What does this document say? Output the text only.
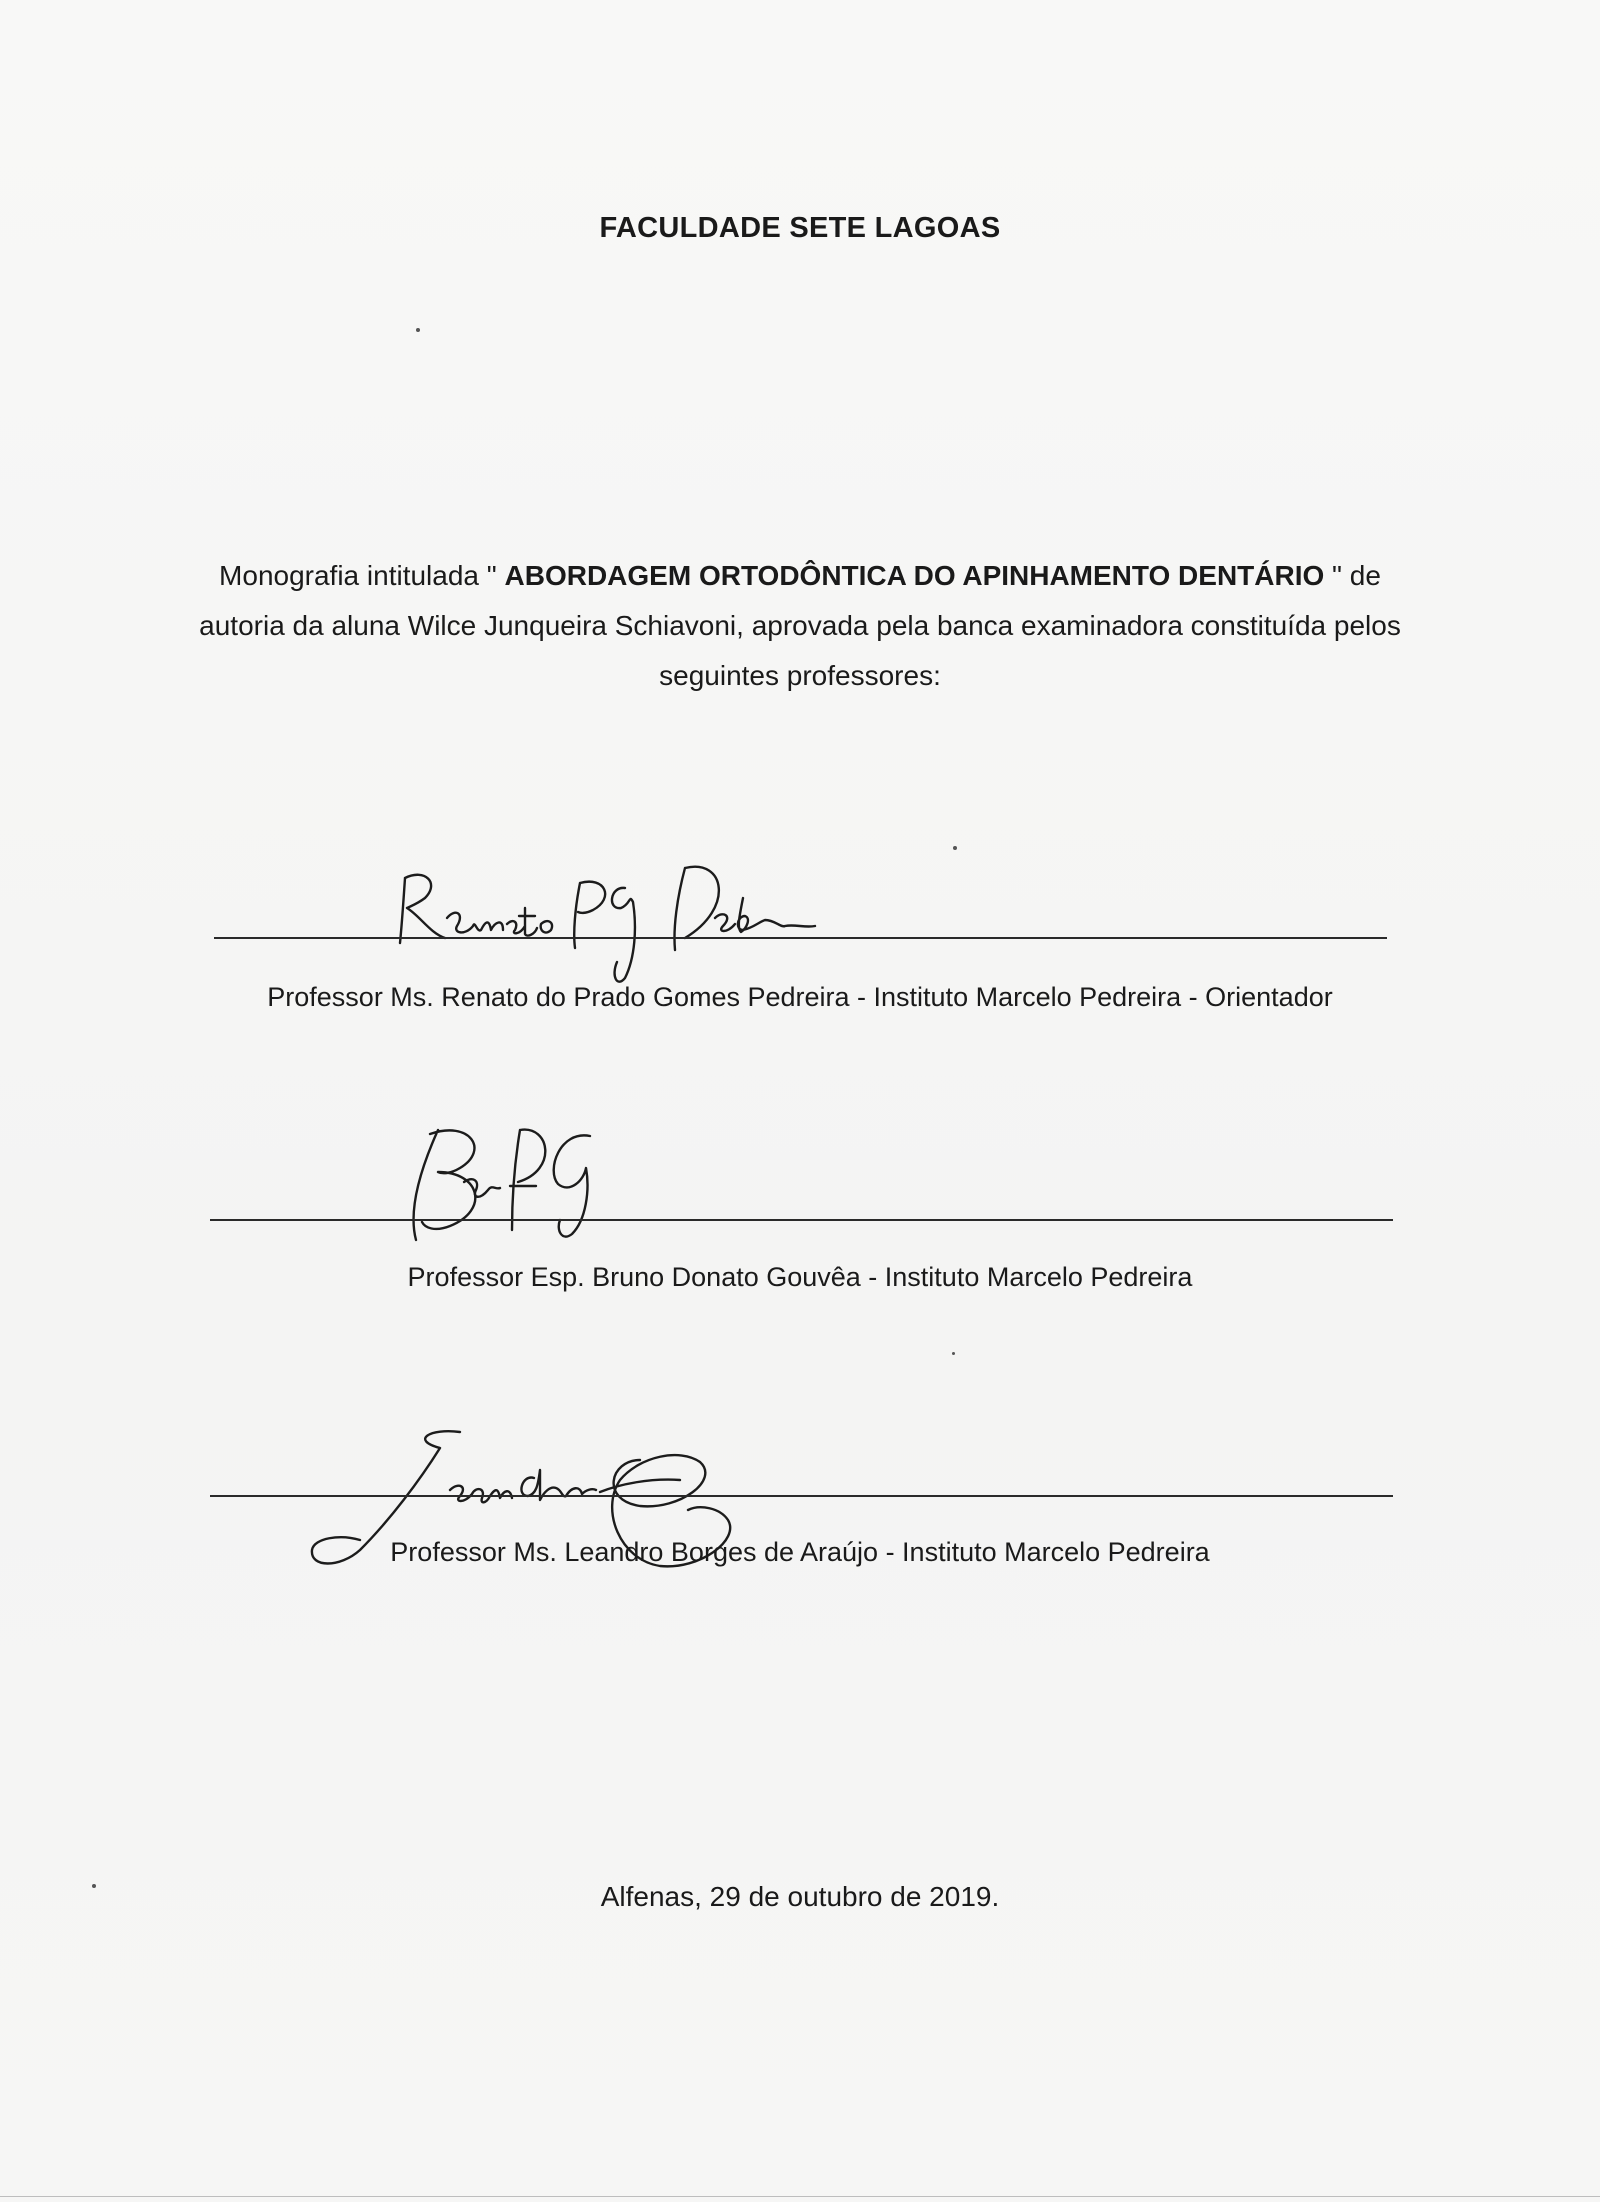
FACULDADE SETE LAGOAS
Monografia intitulada " ABORDAGEM ORTODÔNTICA DO APINHAMENTO DENTÁRIO " de autoria da aluna Wilce Junqueira Schiavoni, aprovada pela banca examinadora constituída pelos seguintes professores:
Professor Ms. Renato do Prado Gomes Pedreira - Instituto Marcelo Pedreira - Orientador
Professor Esp. Bruno Donato Gouvêa - Instituto Marcelo Pedreira
Professor Ms. Leandro Borges de Araújo - Instituto Marcelo Pedreira
Alfenas, 29 de outubro de 2019.
